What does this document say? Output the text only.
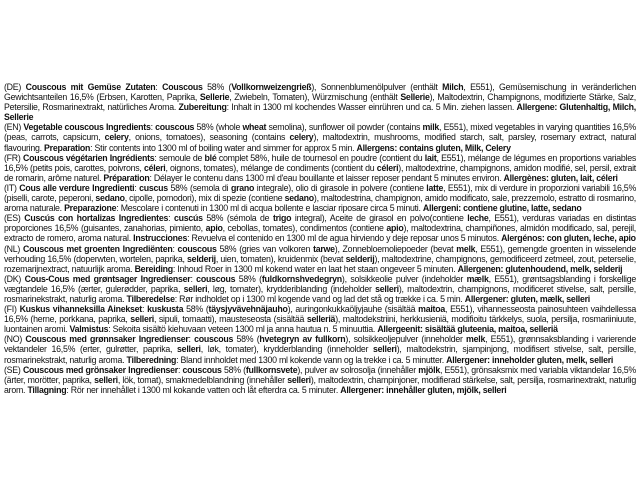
(DE) Couscous mit Gemüse Zutaten: Couscous 58% (Vollkornweizengrieß), Sonnenblumenölpulver (enthält Milch, E551), Gemüsemischung in veränderlichen Gewichtsanteilen 16,5% (Erbsen, Karotten, Paprika, Sellerie, Zwiebeln, Tomaten), Würzmischung (enthält Sellerie), Maltodextrin, Champignons, modifizierte Stärke, Salz, Petersilie, Rosmarinextrakt, natürliches Aroma. Zubereitung: Inhalt in 1300 ml kochendes Wasser einrühren und ca. 5 Min. ziehen lassen. Allergene: Glutenhaltig, Milch, Sellerie

(EN) Vegetable couscous Ingredients: couscous 58% (whole wheat semolina), sunflower oil powder (contains milk, E551), mixed vegetables in varying quantities 16,5% (peas, carrots, capsicum, celery, onions, tomatoes), seasoning (contains celery), maltodextrin, mushrooms, modified starch, salt, parsley, rosemary extract, natural flavouring. Preparation: Stir contents into 1300 ml of boiling water and simmer for approx 5 min. Allergens: contains gluten, Milk, Celery

(FR) Couscous végétarien Ingrédients: semoule de blé complet 58%, huile de tournesol en poudre (contient du lait, E551), mélange de légumes en proportions variables 16,5% (petits pois, carottes, poivrons, céleri, oignons, tomates), mélange de condiments (contient du céleri), maltodextrine, champignons, amidon modifié, sel, persil, extrait de romarin, arôme naturel. Préparation: Délayer le contenu dans 1300 ml d'eau bouillante et laisser reposer pendant 5 minutes environ. Allergènes: gluten, lait, céleri

(IT) Cous alle verdure Ingredienti: cuscus 58% (semola di grano integrale), olio di girasole in polvere (contiene latte, E551), mix di verdure in proporzioni variabili 16,5% (piselli, carote, peperoni, sedano, cipolle, pomodori), mix di spezie (contiene sedano), maltodestrina, champignon, amido modificato, sale, prezzemolo, estratto di rosmarino, aroma naturale. Preparazione: Mescolare i contenuti in 1300 ml di acqua bollente e lasciar riposare circa 5 minuti. Allergeni: contiene glutine, latte, sedano

(ES) Cuscús con hortalizas Ingredientes: cuscús 58% (sémola de trigo integral), Aceite de girasol en polvo(contiene leche, E551), verduras variadas en distintas proporciones 16,5% (guisantes, zanahorias, pimiento, apio, cebollas, tomates), condimentos (contiene apio), maltodextrina, champiñones, almidón modificado, sal, perejil, extracto de romero, aroma natural. Instrucciones: Revuelva el contenido en 1300 ml de agua hirviendo y deje reposar unos 5 minutos. Alergénos: con gluten, leche, apio

(NL) Couscous met groenten Ingrediënten: couscous 58% (gries van volkoren tarwe), Zonnebloemoliepoeder (bevat melk, E551), gemengde groenten in wisselende verhouding 16,5% (doperwten, wortelen, paprika, selderij, uien, tomaten), kruidenmix (bevat selderij), maltodextrine, champignons, gemodificeerd zetmeel, zout, peterselie, rozemarijnextract, natuurlijk aroma. Bereiding: Inhoud Roer in 1300 ml kokend water en laat het staan ongeveer 5 minuten. Allergenen: glutenhoudend, melk, selderij

(DK) Cous-Cous med grøntsager Ingredienser: couscous 58% (fuldkornshvedegryn), solsikkeolie pulver (indeholder mælk, E551), grøntsagsblanding i forskellige vægtandele 16,5% (ærter, gulerødder, paprika, selleri, løg, tomater), krydderiblanding (indeholder selleri), maltodextrin, champignons, modificeret stivelse, salt, persille, rosmarinekstrakt, naturlig aroma. Tilberedelse: Rør indholdet op i 1300 ml kogende vand og lad det stå og trække i ca. 5 min. Allergener: gluten, mælk, selleri

(FI) Kuskus vihanneksilla Ainekset: kuskusta 58% (täysjyvävehnäjauho), auringonkukkaöljyjauhe (sisältää maitoa, E551), vihannesseosta painosuhteen vaihdellessa 16,5% (herne, porkkana, paprika, selleri, sipuli, tomaatti), mausteseosta (sisältää selleriä), maltodekstriini, herkkusieniä, modifioitu tärkkelys, suola, persilja, rosmariiniuute, luontainen aromi. Valmistus: Sekoita sisältö kiehuvaan veteen 1300 ml ja anna hautua n. 5 minuuttia. Allergeenit: sisältää gluteenia, maitoa, selleriä

(NO) Couscous med grønnsaker Ingredienser: couscous 58% (hvetegryn av fullkorn), solsikkeoljepulver (inneholder melk, E551), grønnsaksblanding i varierende vektandeler 16,5% (erter, gulrøtter, paprika, selleri, løk, tomater), krydderblanding (inneholder selleri), maltodekstrin, sjampinjong, modifisert stivelse, salt, persille, rosmarinekstrakt, naturlig aroma. Tilberedning: Bland innholdet med 1300 ml kokende vann og la trekke i ca. 5 minutter. Allergener: inneholder gluten, melk, selleri

(SE) Couscous med grönsaker Ingredienser: couscous 58% (fullkornsvete), pulver av solrosolja (innehåller mjölk, E551), grönsaksmix med variabla viktandelar 16,5% (ärter, morötter, paprika, selleri, lök, tomat), smakmedelblandning (innehåller selleri), maltodextrin, champinjoner, modifierad stärkelse, salt, persilja, rosmarinextrakt, naturlig arom. Tillagning: Rör ner innehållet i 1300 ml kokande vatten och låt efterdra ca. 5 minuter. Allergener: innehåller gluten, mjölk, selleri
